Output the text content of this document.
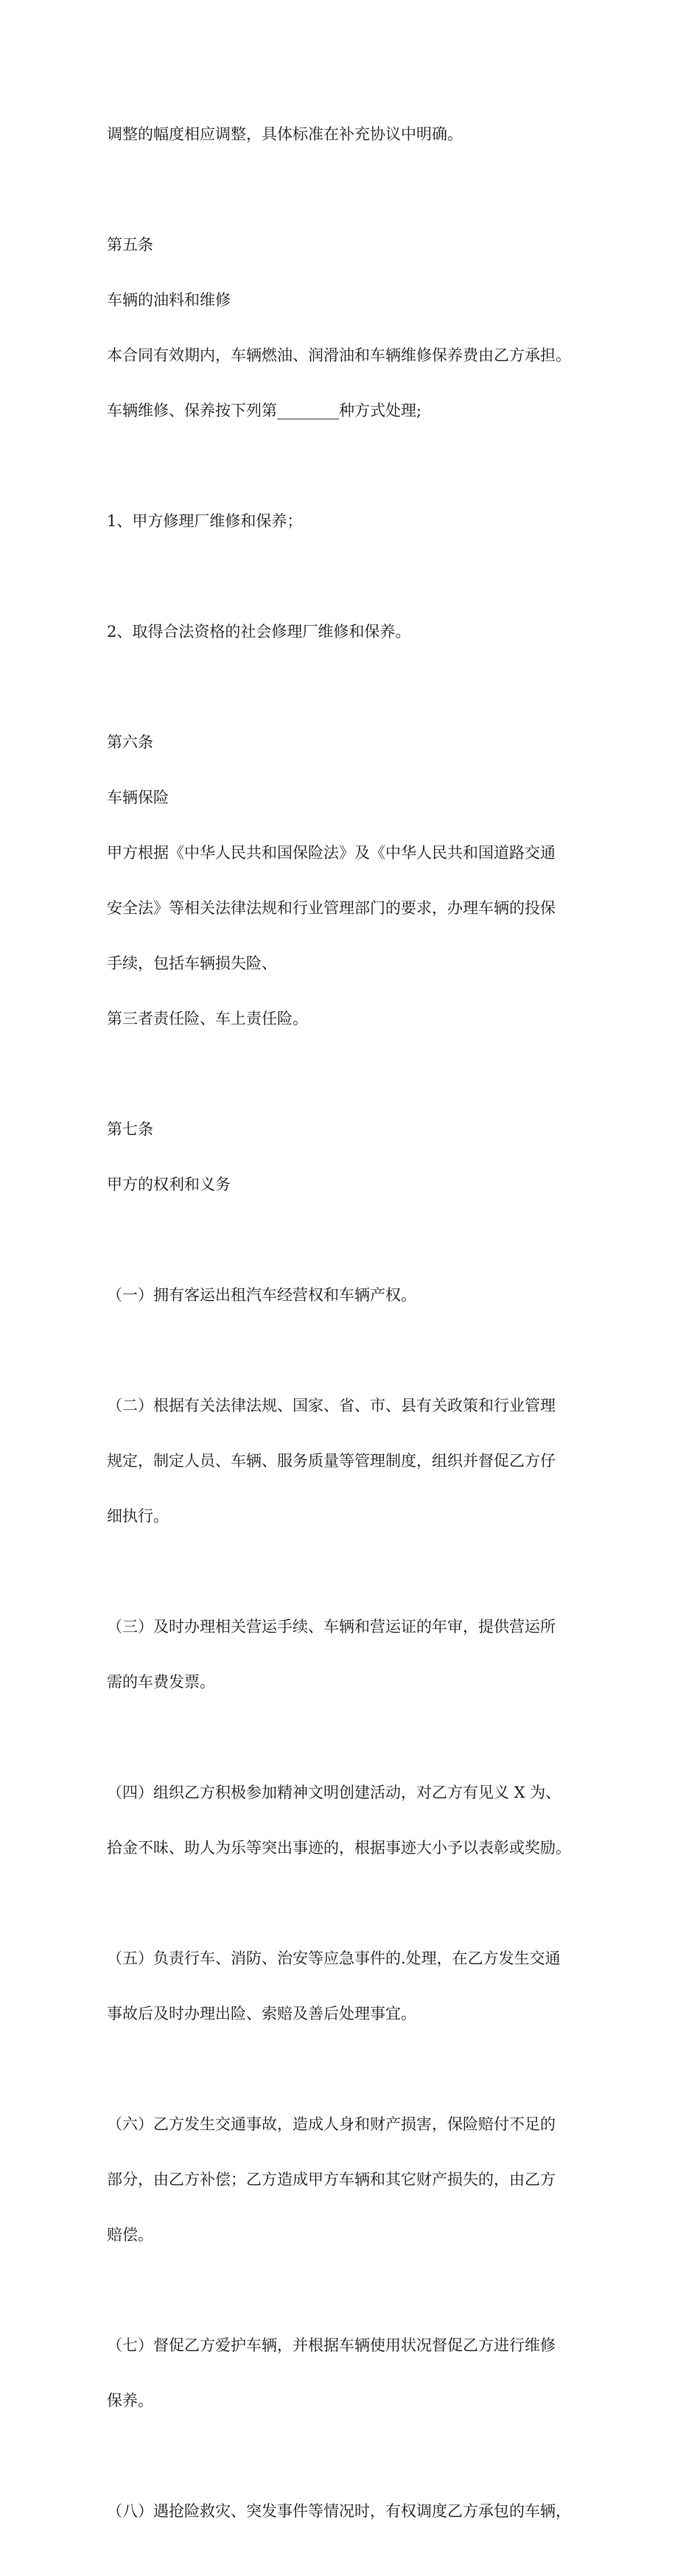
调整的幅度相应调整，具体标准在补充协议中明确。

第五条

车辆的油料和维修

本合同有效期内，车辆燃油、润滑油和车辆维修保养费由乙方承担。

车辆维修、保养按下列第________种方式处理;

1、甲方修理厂维修和保养；

2、取得合法资格的社会修理厂维修和保养。

第六条

车辆保险

甲方根据《中华人民共和国保险法》及《中华人民共和国道路交通

安全法》等相关法律法规和行业管理部门的要求，办理车辆的投保

手续，包括车辆损失险、

第三者责任险、车上责任险。

第七条

甲方的权利和义务

（一）拥有客运出租汽车经营权和车辆产权。

（二）根据有关法律法规、国家、省、市、县有关政策和行业管理

规定，制定人员、车辆、服务质量等管理制度，组织并督促乙方仔

细执行。

（三）及时办理相关营运手续、车辆和营运证的年审，提供营运所

需的车费发票。

（四）组织乙方积极参加精神文明创建活动，对乙方有见义 X 为、

拾金不昧、助人为乐等突出事迹的，根据事迹大小予以表彰或奖励。

（五）负责行车、消防、治安等应急事件的.处理，在乙方发生交通

事故后及时办理出险、索赔及善后处理事宜。

（六）乙方发生交通事故，造成人身和财产损害，保险赔付不足的

部分，由乙方补偿；乙方造成甲方车辆和其它财产损失的，由乙方

赔偿。

（七）督促乙方爱护车辆，并根据车辆使用状况督促乙方进行维修

保养。

（八）遇抢险救灾、突发事件等情况时，有权调度乙方承包的车辆，
